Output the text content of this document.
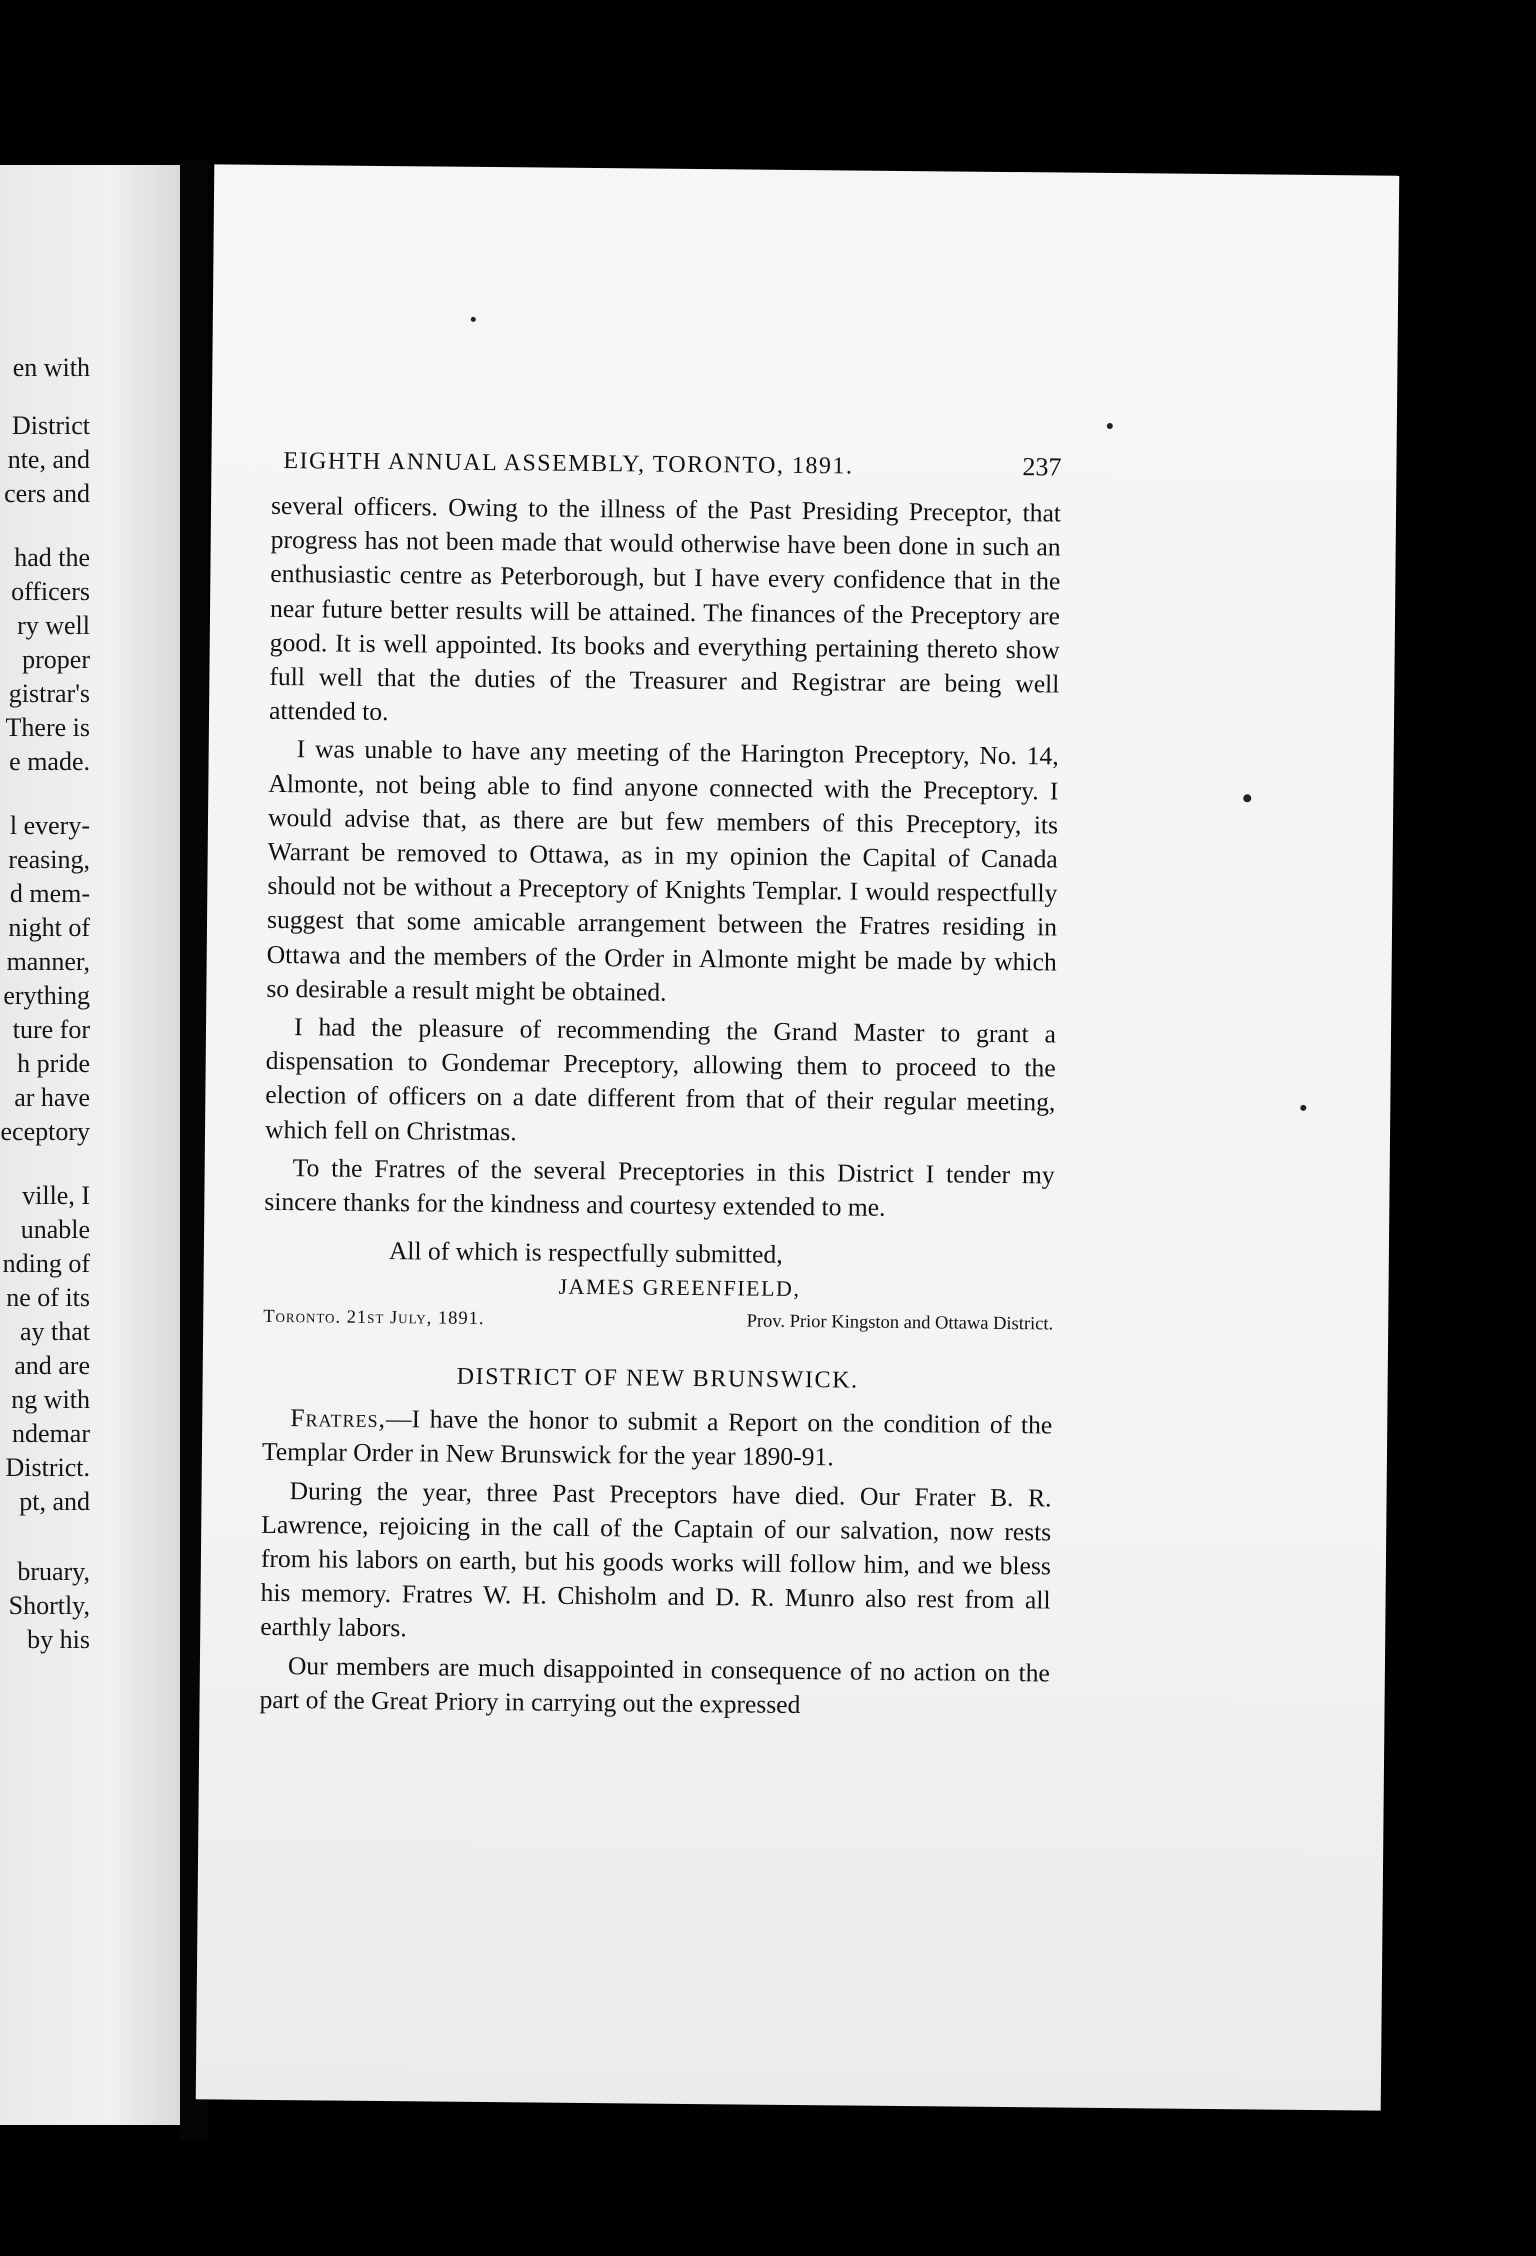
en with
District
nte, and
cers and
had the
officers
ry well
proper
gistrar's
There is
e made.
l every-
reasing,
d mem-
night of
manner,
erything
ture for
h pride
ar have
eceptory
ville, I
unable
nding of
ne of its
ay that
and are
ng with
ndemar
District.
pt, and
bruary,
Shortly,
by his
EIGHTH ANNUAL ASSEMBLY, TORONTO, 1891.	237

several officers. Owing to the illness of the Past Presiding Preceptor, that progress has not been made that would otherwise have been done in such an enthusiastic centre as Peterborough, but I have every confidence that in the near future better results will be attained. The finances of the Preceptory are good. It is well appointed. Its books and everything pertaining thereto show full well that the duties of the Treasurer and Registrar are being well attended to.

I was unable to have any meeting of the Harington Preceptory, No. 14, Almonte, not being able to find anyone connected with the Preceptory. I would advise that, as there are but few members of this Preceptory, its Warrant be removed to Ottawa, as in my opinion the Capital of Canada should not be without a Preceptory of Knights Templar. I would respectfully suggest that some amicable arrangement between the Fratres residing in Ottawa and the members of the Order in Almonte might be made by which so desirable a result might be obtained.

I had the pleasure of recommending the Grand Master to grant a dispensation to Gondemar Preceptory, allowing them to proceed to the election of officers on a date different from that of their regular meeting, which fell on Christmas.

To the Fratres of the several Preceptories in this District I tender my sincere thanks for the kindness and courtesy extended to me.

All of which is respectfully submitted,
JAMES GREENFIELD,
Toronto. 21st July, 1891.	Prov. Prior Kingston and Ottawa District.
DISTRICT OF NEW BRUNSWICK.

Fratres,—I have the honor to submit a Report on the condition of the Templar Order in New Brunswick for the year 1890-91.

During the year, three Past Preceptors have died. Our Frater B. R. Lawrence, rejoicing in the call of the Captain of our salvation, now rests from his labors on earth, but his goods works will follow him, and we bless his memory. Fratres W. H. Chisholm and D. R. Munro also rest from all earthly labors.

Our members are much disappointed in consequence of no action on the part of the Great Priory in carrying out the expressed
